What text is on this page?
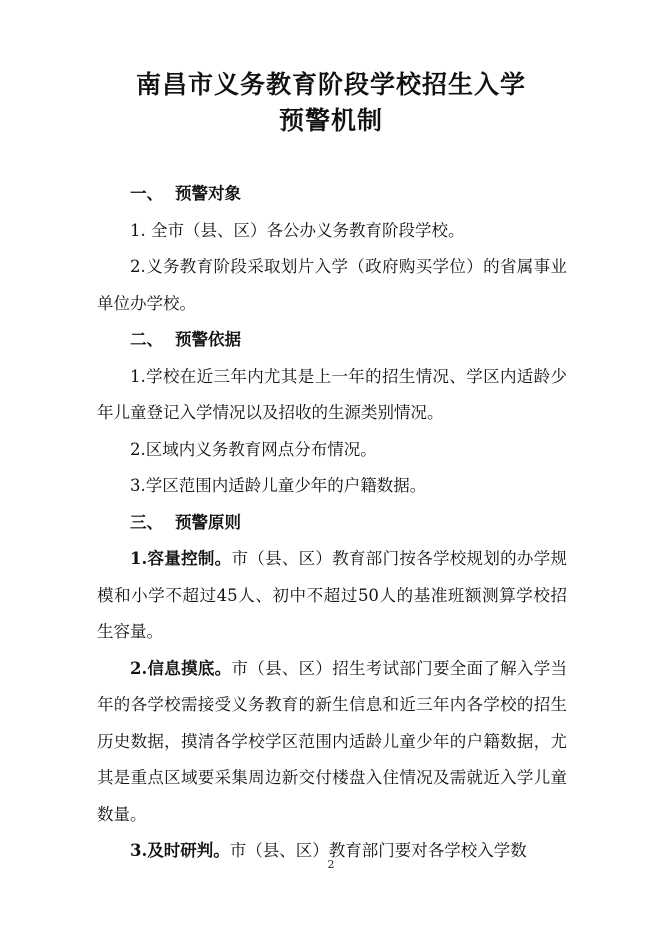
南昌市义务教育阶段学校招生入学
预警机制

一、 预警对象

1. 全市（县、区）各公办义务教育阶段学校。

2.义务教育阶段采取划片入学（政府购买学位）的省属事业单位办学校。

二、 预警依据

1.学校在近三年内尤其是上一年的招生情况、学区内适龄少年儿童登记入学情况以及招收的生源类别情况。

2.区域内义务教育网点分布情况。

3.学区范围内适龄儿童少年的户籍数据。

三、 预警原则

1.容量控制。市（县、区）教育部门按各学校规划的办学规模和小学不超过45人、初中不超过50人的基准班额测算学校招生容量。

2.信息摸底。市（县、区）招生考试部门要全面了解入学当年的各学校需接受义务教育的新生信息和近三年内各学校的招生历史数据，摸清各学校学区范围内适龄儿童少年的户籍数据，尤其是重点区域要采集周边新交付楼盘入住情况及需就近入学儿童数量。

3.及时研判。市（县、区）教育部门要对各学校入学数

2
